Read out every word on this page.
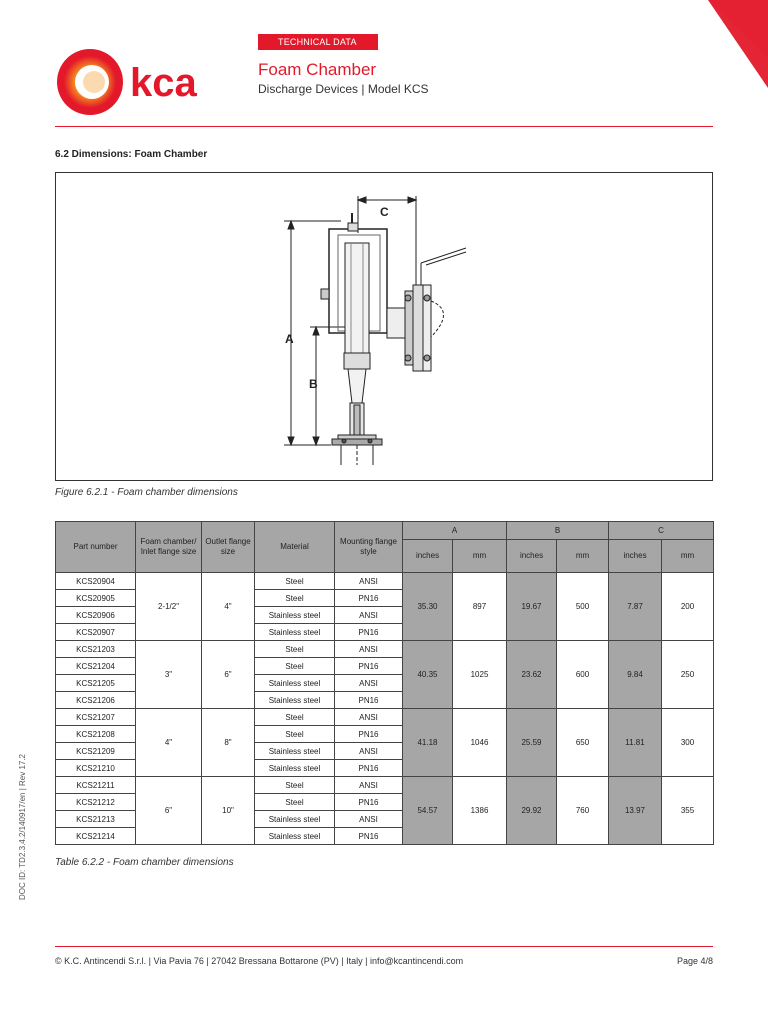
kca
TECHNICAL DATA
Foam Chamber
Discharge Devices | Model KCS
6.2 Dimensions: Foam Chamber
A
B
C
Figure 6.2.1 - Foam chamber dimensions
Part number	Foam chamber/ Inlet flange size	Outlet flange size	Material	Mounting flange style	A		B		C	
					inches	mm	inches	mm	inches	mm
KCS20904	2-1/2"	4"	Steel	ANSI	35.30	897	19.67	500	7.87	200
KCS20905			Steel	PN16						
KCS20906			Stainless steel	ANSI						
KCS20907			Stainless steel	PN16						
KCS21203	3"	6"	Steel	ANSI	40.35	1025	23.62	600	9.84	250
KCS21204			Steel	PN16						
KCS21205			Stainless steel	ANSI						
KCS21206			Stainless steel	PN16						
KCS21207	4"	8"	Steel	ANSI	41.18	1046	25.59	650	11.81	300
KCS21208			Steel	PN16						
KCS21209			Stainless steel	ANSI						
KCS21210			Stainless steel	PN16						
KCS21211	6"	10"	Steel	ANSI	54.57	1386	29.92	760	13.97	355
KCS21212			Steel	PN16						
KCS21213			Stainless steel	ANSI						
KCS21214			Stainless steel	PN16						
Table 6.2.2 - Foam chamber dimensions
DOC ID: TD2.3.4.2/140917/en | Rev 17.2
© K.C. Antincendi S.r.l. | Via Pavia 76 | 27042 Bressana Bottarone (PV) | Italy | info@kcantincendi.com	Page 4/8
